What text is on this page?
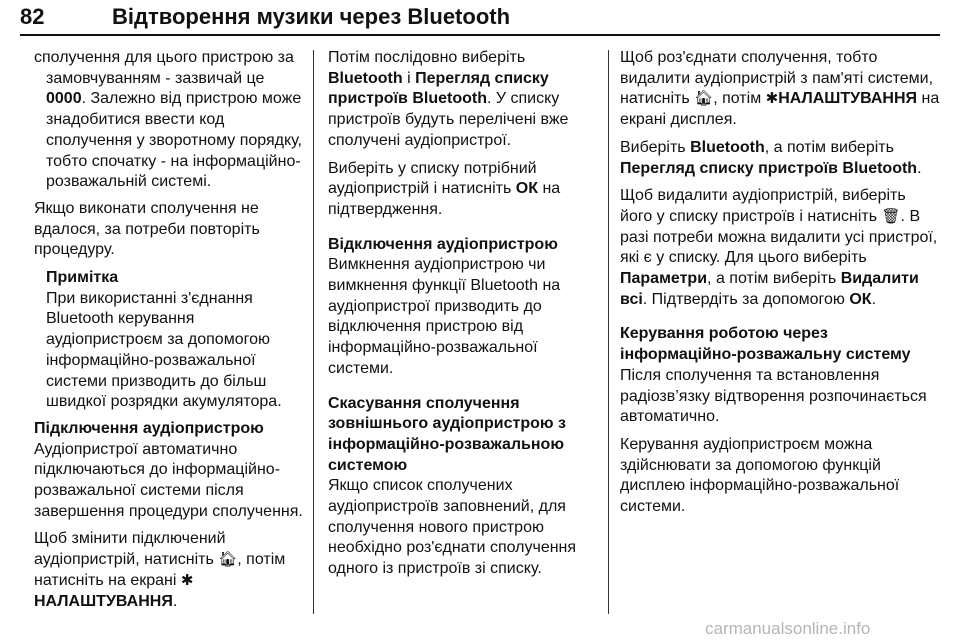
82	Відтворення музики через Bluetooth

сполучення для цього пристрою за замовчуванням - зазвичай це 0000. Залежно від пристрою може знадобитися ввести код сполучення у зворотному порядку, тобто спочатку - на інформаційно-розважальній системі.

Якщо виконати сполучення не вдалося, за потреби повторіть процедуру.

Примітка
При використанні з'єднання Bluetooth керування аудіопристроєм за допомогою інформаційно-розважальної системи призводить до більш швидкої розрядки акумулятора.
Підключення аудіопристрою

Аудіопристрої автоматично підключаються до інформаційно-розважальної системи після завершення процедури сполучення.

Щоб змінити підключений аудіопристрій, натисніть 🏠︎, потім натисніть на екрані ✱НАЛАШТУВАННЯ.

Потім послідовно виберіть Bluetooth і Перегляд списку пристроїв Bluetooth. У списку пристроїв будуть перелічені вже сполучені аудіопристрої.

Виберіть у списку потрібний аудіопристрій і натисніть ОК на підтвердження.

Відключення аудіопристрою

Вимкнення аудіопристрою чи вимкнення функції Bluetooth на аудіопристрої призводить до відключення пристрою від інформаційно-розважальної системи.

Скасування сполучення зовнішнього аудіопристрою з інформаційно-розважальною системою

Якщо список сполучених аудіопристроїв заповнений, для сполучення нового пристрою необхідно роз'єднати сполучення одного із пристроїв зі списку.

Щоб роз'єднати сполучення, тобто видалити аудіопристрій з пам'яті системи, натисніть 🏠︎, потім ✱НАЛАШТУВАННЯ на екрані дисплея.

Виберіть Bluetooth, а потім виберіть Перегляд списку пристроїв Bluetooth.

Щоб видалити аудіопристрій, виберіть його у списку пристроїв і натисніть 🗑︎. В разі потреби можна видалити усі пристрої, які є у списку. Для цього виберіть Параметри, а потім виберіть Видалити всі. Підтвердіть за допомогою ОК.

Керування роботою через інформаційно-розважальну систему

Після сполучення та встановлення радіозв’язку відтворення розпочинається автоматично.

Керування аудіопристроєм можна здійснювати за допомогою функцій дисплею інформаційно-розважальної системи.

carmanualsonline.info
